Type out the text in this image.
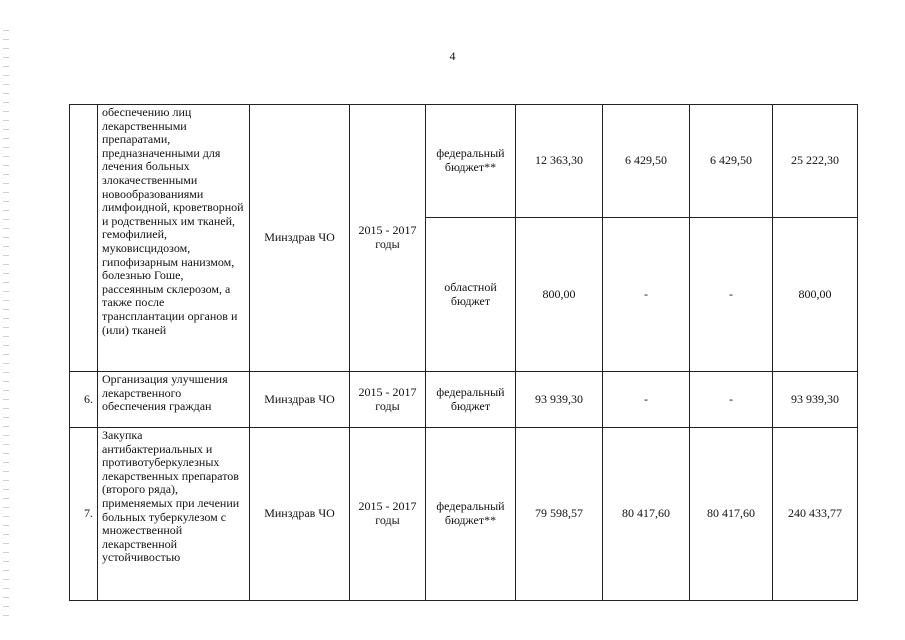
4
	обеспечению лиц лекарственными препаратами, предназначенными для лечения больных злокачественными новообразованиями лимфоидной, кроветворной и родственных им тканей, гемофилией, муковисцидозом, гипофизарным нанизмом, болезнью Гоше, рассеянным склерозом, а также после трансплантации органов и (или) тканей	Минздрав ЧО	2015 - 2017 годы	федеральный бюджет**	12 363,30	6 429,50	6 429,50	25 222,30
				областной бюджет	800,00	-	-	800,00
6.	Организация улучшения лекарственного обеспечения граждан	Минздрав ЧО	2015 - 2017 годы	федеральный бюджет	93 939,30	-	-	93 939,30
7.	Закупка антибактериальных и противотуберкулезных лекарственных препаратов (второго ряда), применяемых при лечении больных туберкулезом с множественной лекарственной устойчивостью	Минздрав ЧО	2015 - 2017 годы	федеральный бюджет**	79 598,57	80 417,60	80 417,60	240 433,77
